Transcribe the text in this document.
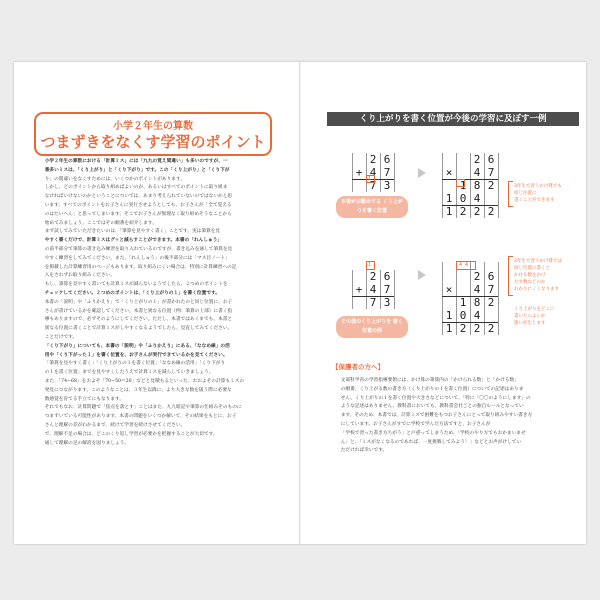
小学２年生の算数
つまずきをなくす学習のポイント

小学２年生の算数における「計算ミス」には「九九の覚え間違い」も多いのですが、一

番多いミスは、「くり上がり」と「くり下がり」です。この「くり上がり」と「くり下が

り」の間違いをなくすためには、いくつかのポイントがあります。

しかし、どのポイントから取り組めばよいのか、あるいはすべてのポイントに取り組ま

なければいけないのかということについては、あまり考えられていないのではないかと思

います。すべてのポイントをお子さんに実行させようとしても、お子さんが「全て覚える

のはたいへん」と思ってしまいます。そこでお子さんが無理なく取り組めそうなことから

始めてみましょう。ここではその順番を紹介します。

まず試してみていただきたいのは、「筆算を見やすく書く」ことです。実は筆算を見

やすく書くだけで、計算ミスはグッと減らすことができます。本書の「れんしゅう」

の前半部分で筆算の書き込み練習を取り入れているのですが、書き込みを通して筆算を見

やすく練習をしてみてください。また、「れんしゅう」の後半部分には「マス目ノート」

を掲載した計算練習用のページもあります。取り組みにくい場合は、特別に計算練習への記

入をされずお取り組みください。

もし、筆算を見やすく書いても計算ミスが減らないようでしたら、２つめのポイントを

チェックしてください。２つめのポイントは、「くり上がりの１」を書く位置です。

本書の「説明」や「ふりかえり」で「くり上がりの１」が書かれたのと同じ位置に、お子

さんが書けているかを確認してください。本書と異なる位置（例：筆算の上部）に書く指

導もありますので、必ずそのようにしてください。ただし、本書ではあくまでも、本書と

異なる位置に書くことで計算ミスがしやすくなるようでしたら、見直してみてください。

ことだけです。

「くり下がり」についても、本書の「説明」や「ふりかえり」にある、「ななめ線」の活

用や「くり下がった１」を書く位置を、お子さんが実行できているかを見てください。

「筆算を見やすく書く」「くり上がりの１を書く位置」「ななめ線の活用」「くり下がり

の１を書く位置」までを見やすくしたうえで計算ミスを減らしていきましょう。

また、「74−68」をおよそ「70−50＝20」などと見積もるといった、おおよその計算もミスの

発見につながります。このようなことは、３年生以降に、より大きな数を扱う際に必要な

数感覚を育てる手立てにもなります。

それでもなお、計算問題で「焦点を落とす」ことはまた、九九暗記や筆算の仕組みそのものに

つまずいている可能性があります。本書の問題をいくつか解いて、その結果をもとに、お子

さんと理解の差がわかるまで、続けて学習を続けさせてください。

で、理解不足の場合は、どこのくり返し学習が必要かを把握することが大切です。

通して理解の足の解消を図りましょう。

くり上がりを書く位置が今後の学習に及ぼす一例
本書がお勧めする くり上がりを書く位置
その他のくり上がりを 書く位置の例
2 6
+ 4 7
7 3
1
2 6
×	4 7
1 8 2
1 0 4
1 2 2 2
2 6
+ 4 7
7 3
1
2 6
×	4 7
1 8 2
1 0 4
1 2 2 2
4 4
3年生で習うかけ算でも
同じ位置に
書くことができます
3年生で習うかけ算では
同じ位置に書くと
かける数をかけ
たす数などのか
わかりにくくなります
くり上がりをどこに
書いたらよいか
迷いが生じます
【保護者の方へ】

文部科学省の学習指導要領には、かけ算の筆算内の「かけられる数」と「かける数」

の順番、くり上がる数の書き方（くり上がりの１を書く位置）についての記述はありま

せん。くり上がりの１を書く位置や大きさなどについて、「特に「〇〇のようにします」の

ような記述はありません。教科書においても、教科書会社ごとの独自ルールとなってい

ます。そのため、本書では、計算ミスで困難をもつお子さんにとって取り組みやすい書き方

にしています。お子さんがすでに学校で学んだ方法ですと、お子さんが

「学校で習った書き方ちがう」と戸惑ってしまうため、「学校のやり方でもおかまいませ

ん」と、「ミスがなくなるのであれば、一度挑戦してみよう！」などとお声がけしてい

ただければ幸いです。
